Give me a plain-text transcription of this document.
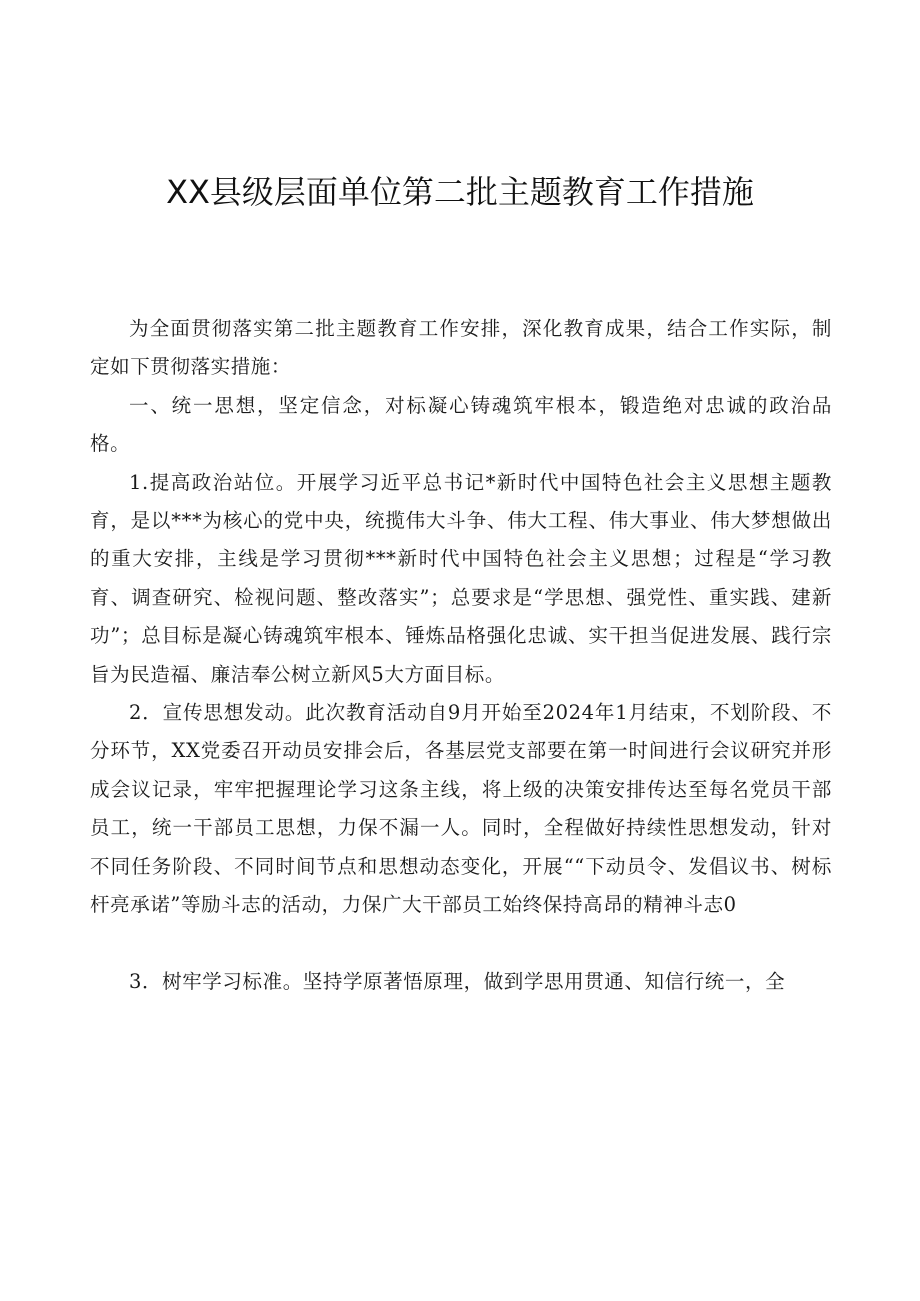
XX县级层面单位第二批主题教育工作措施

为全面贯彻落实第二批主题教育工作安排，深化教育成果，结合工作实际，制定如下贯彻落实措施：

一、统一思想，坚定信念，对标凝心铸魂筑牢根本，锻造绝对忠诚的政治品格。

1.提高政治站位。开展学习近平总书记*新时代中国特色社会主义思想主题教育，是以***为核心的党中央，统揽伟大斗争、伟大工程、伟大事业、伟大梦想做出的重大安排，主线是学习贯彻***新时代中国特色社会主义思想；过程是“学习教育、调查研究、检视问题、整改落实”；总要求是“学思想、强党性、重实践、建新功”；总目标是凝心铸魂筑牢根本、锤炼品格强化忠诚、实干担当促进发展、践行宗旨为民造福、廉洁奉公树立新风5大方面目标。

2．宣传思想发动。此次教育活动自9月开始至2024年1月结束，不划阶段、不分环节，XX党委召开动员安排会后，各基层党支部要在第一时间进行会议研究并形成会议记录，牢牢把握理论学习这条主线，将上级的决策安排传达至每名党员干部员工，统一干部员工思想，力保不漏一人。同时，全程做好持续性思想发动，针对不同任务阶段、不同时间节点和思想动态变化，开展““下动员令、发倡议书、树标杆亮承诺”等励斗志的活动，力保广大干部员工始终保持高昂的精神斗志0

3．树牢学习标准。坚持学原著悟原理，做到学思用贯通、知信行统一，全
